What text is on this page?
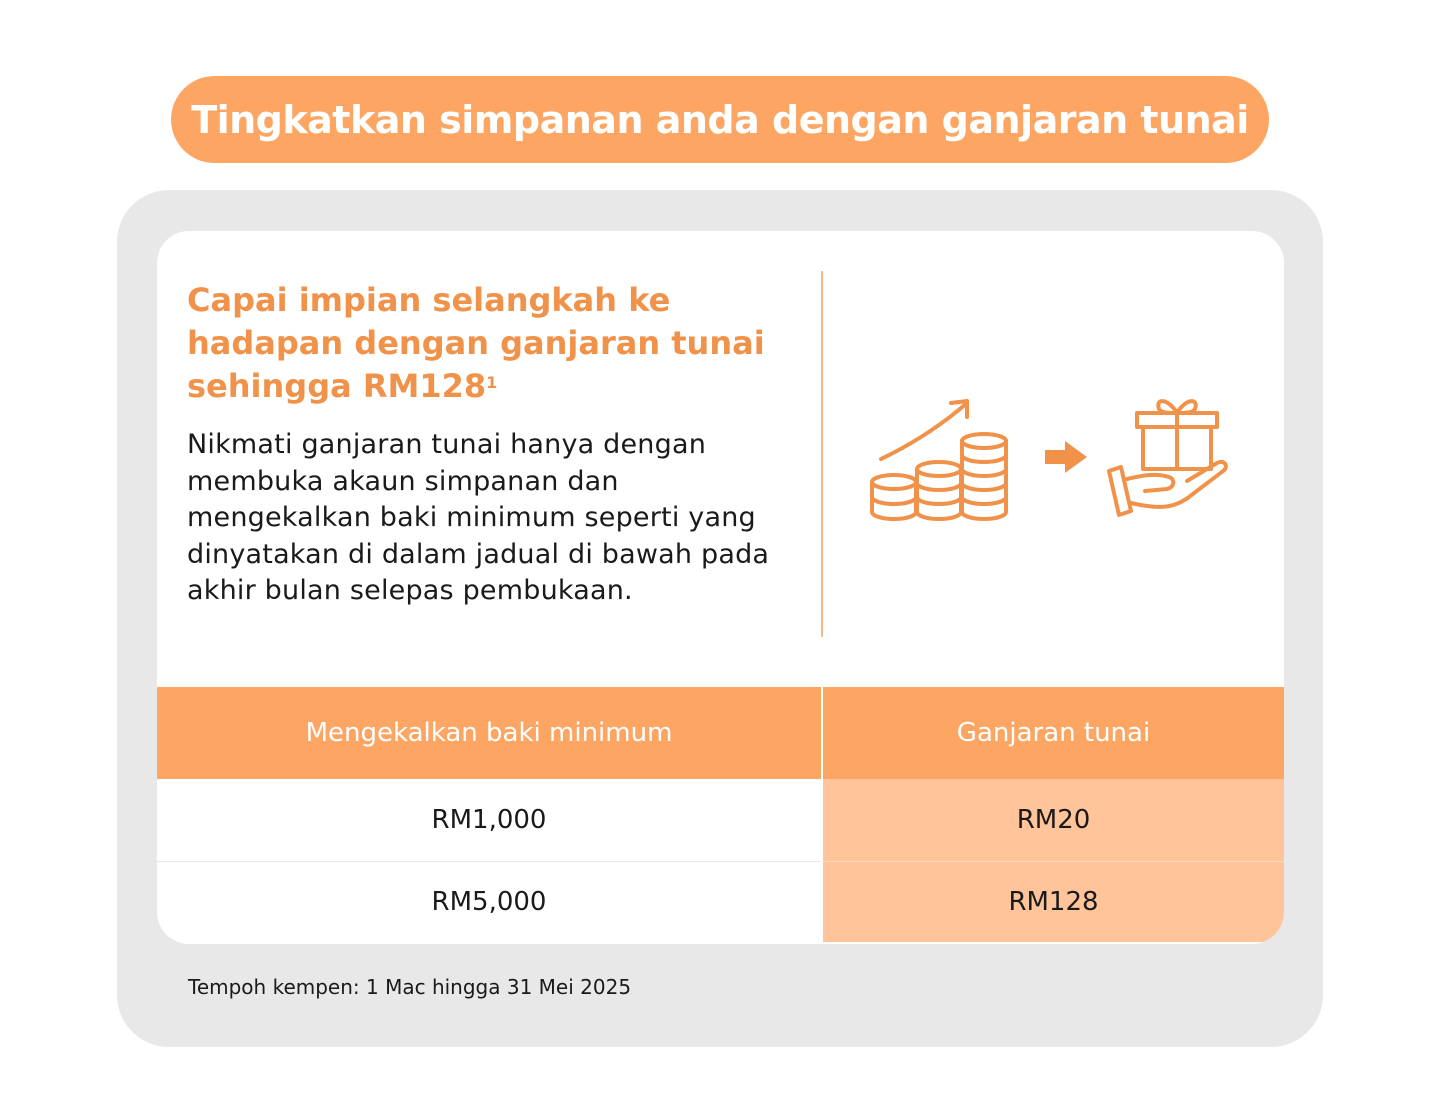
Tingkatkan simpanan anda dengan ganjaran tunai
Capai impian selangkah ke hadapan dengan ganjaran tunai sehingga $RM128^1$

Nikmati ganjaran tunai hanya dengan membuka akaun simpanan dan mengekalkan baki minimum seperti yang dinyatakan di dalam jadual di bawah pada akhir bulan selepas pembukaan.

Mengekalkan baki minimum	Ganjaran tunai
RM1,000	RM20
RM5,000	RM128
Tempoh kempen: 1 Mac hingga 31 Mei 2025
